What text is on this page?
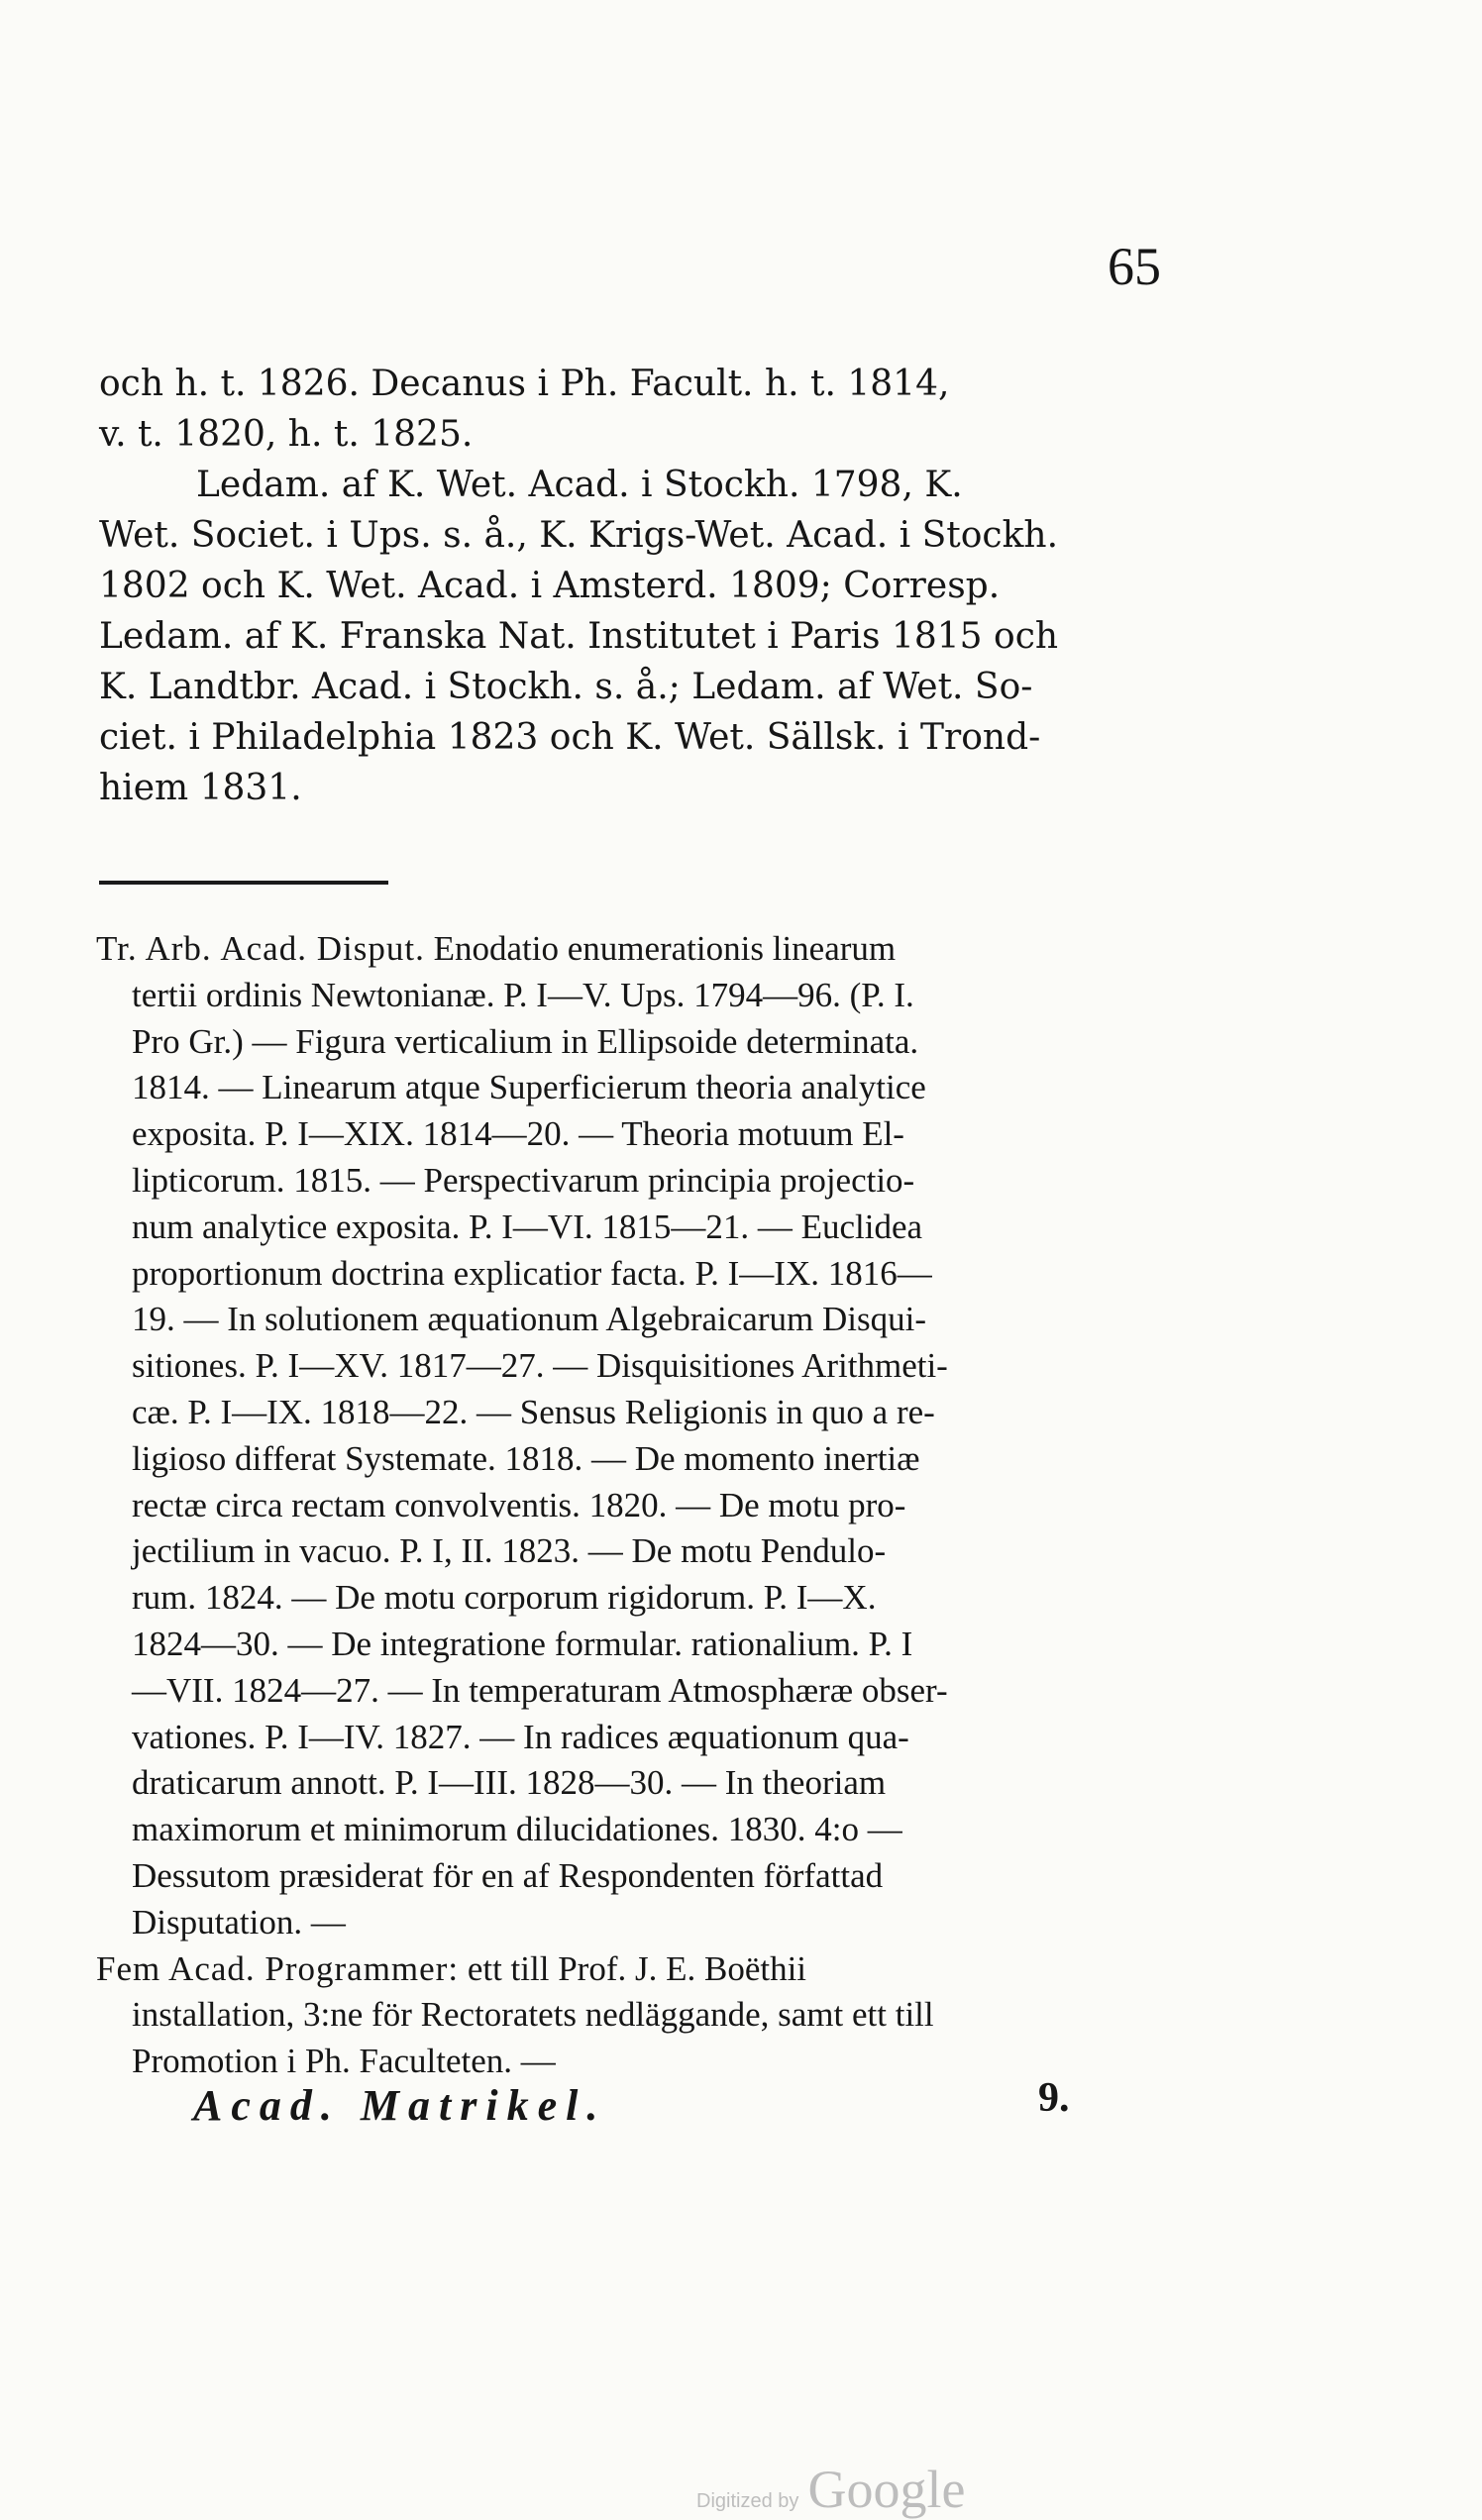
65
och h. t. 1826. Decanus i Ph. Facult. h. t. 1814,
v. t. 1820, h. t. 1825.
Ledam. af K. Wet. Acad. i Stockh. 1798, K.
Wet. Societ. i Ups. s. å., K. Krigs-Wet. Acad. i Stockh.
1802 och K. Wet. Acad. i Amsterd. 1809; Corresp.
Ledam. af K. Franska Nat. Institutet i Paris 1815 och
K. Landtbr. Acad. i Stockh. s. å.; Ledam. af Wet. So-
ciet. i Philadelphia 1823 och K. Wet. Sällsk. i Trond-
hiem 1831.
Tr. Arb. Acad. Disput. Enodatio enumerationis linearum
tertii ordinis Newtonianæ. P. I—V. Ups. 1794—96. (P. I.
Pro Gr.) — Figura verticalium in Ellipsoide determinata.
1814. — Linearum atque Superficierum theoria analytice
exposita. P. I—XIX. 1814—20. — Theoria motuum El-
lipticorum. 1815. — Perspectivarum principia projectio-
num analytice exposita. P. I—VI. 1815—21. — Euclidea
proportionum doctrina explicatior facta. P. I—IX. 1816—
19. — In solutionem æquationum Algebraicarum Disqui-
sitiones. P. I—XV. 1817—27. — Disquisitiones Arithmeti-
cæ. P. I—IX. 1818—22. — Sensus Religionis in quo a re-
ligioso differat Systemate. 1818. — De momento inertiæ
rectæ circa rectam convolventis. 1820. — De motu pro-
jectilium in vacuo. P. I, II. 1823. — De motu Pendulo-
rum. 1824. — De motu corporum rigidorum. P. I—X.
1824—30. — De integratione formular. rationalium. P. I
—VII. 1824—27. — In temperaturam Atmosphæræ obser-
vationes. P. I—IV. 1827. — In radices æquationum qua-
draticarum annott. P. I—III. 1828—30. — In theoriam
maximorum et minimorum dilucidationes. 1830. 4:o —
Dessutom præsiderat för en af Respondenten författad
Disputation. —
Fem Acad. Programmer: ett till Prof. J. E. Boëthii
installation, 3:ne för Rectoratets nedläggande, samt ett till
Promotion i Ph. Faculteten. —
Acad. Matrikel.	9.
Digitized by Google
